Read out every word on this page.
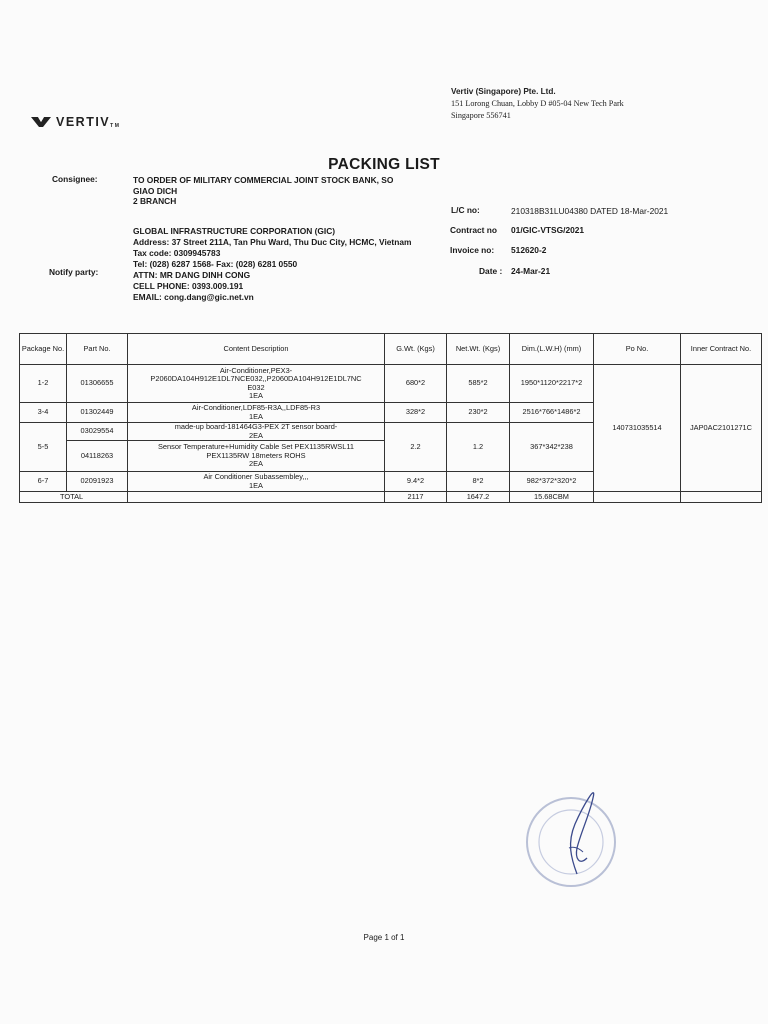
VERTIVTM
Vertiv (Singapore) Pte. Ltd.
151 Lorong Chuan, Lobby D #05-04 New Tech Park
Singapore 556741
PACKING LIST
Consignee:	TO ORDER OF MILITARY COMMERCIAL JOINT STOCK BANK, SO
GIAO DICH
2 BRANCH
Notify party:
GLOBAL INFRASTRUCTURE CORPORATION (GIC)
Address: 37 Street 211A, Tan Phu Ward, Thu Duc City, HCMC, Vietnam
Tax code: 0309945783
Tel: (028) 6287 1568- Fax: (028) 6281 0550
ATTN: MR DANG DINH CONG
CELL PHONE: 0393.009.191
EMAIL: cong.dang@gic.net.vn
L/C no:	210318B31LU04380 DATED 18-Mar-2021
Contract no 01/GIC-VTSG/2021
Invoice no: 512620-2
Date : 24-Mar-21
Package No.	Part No.	Content Description	G.Wt. (Kgs)	Net.Wt. (Kgs)	Dim.(L.W.H) (mm)	Po No.	Inner Contract No.
1-2	01306655	Air-Conditioner,PEX3-
P2060DA104H912E1DL7NCE032,,P2060DA104H912E1DL7NC
E032
1EA	680*2	585*2	1950*1120*2217*2	140731035514	JAP0AC2101271C
3-4	01302449	Air-Conditioner,LDF85-R3A,,LDF85-R3
1EA	328*2	230*2	2516*766*1486*2		
5-5	03029554	made-up board-181464G3-PEX 2T sensor board-
2EA	2.2	1.2	367*342*238		
	04118263	Sensor Temperature+Humidity Cable Set PEX1135RWSL11
PEX1135RW 18meters ROHS
2EA					

6-7	02091923	Air Conditioner Subassembley,,,
1EA	9.4*2	8*2	982*372*320*2		
TOTAL			2117	1647.2	15.68CBM		
Page 1 of 1
